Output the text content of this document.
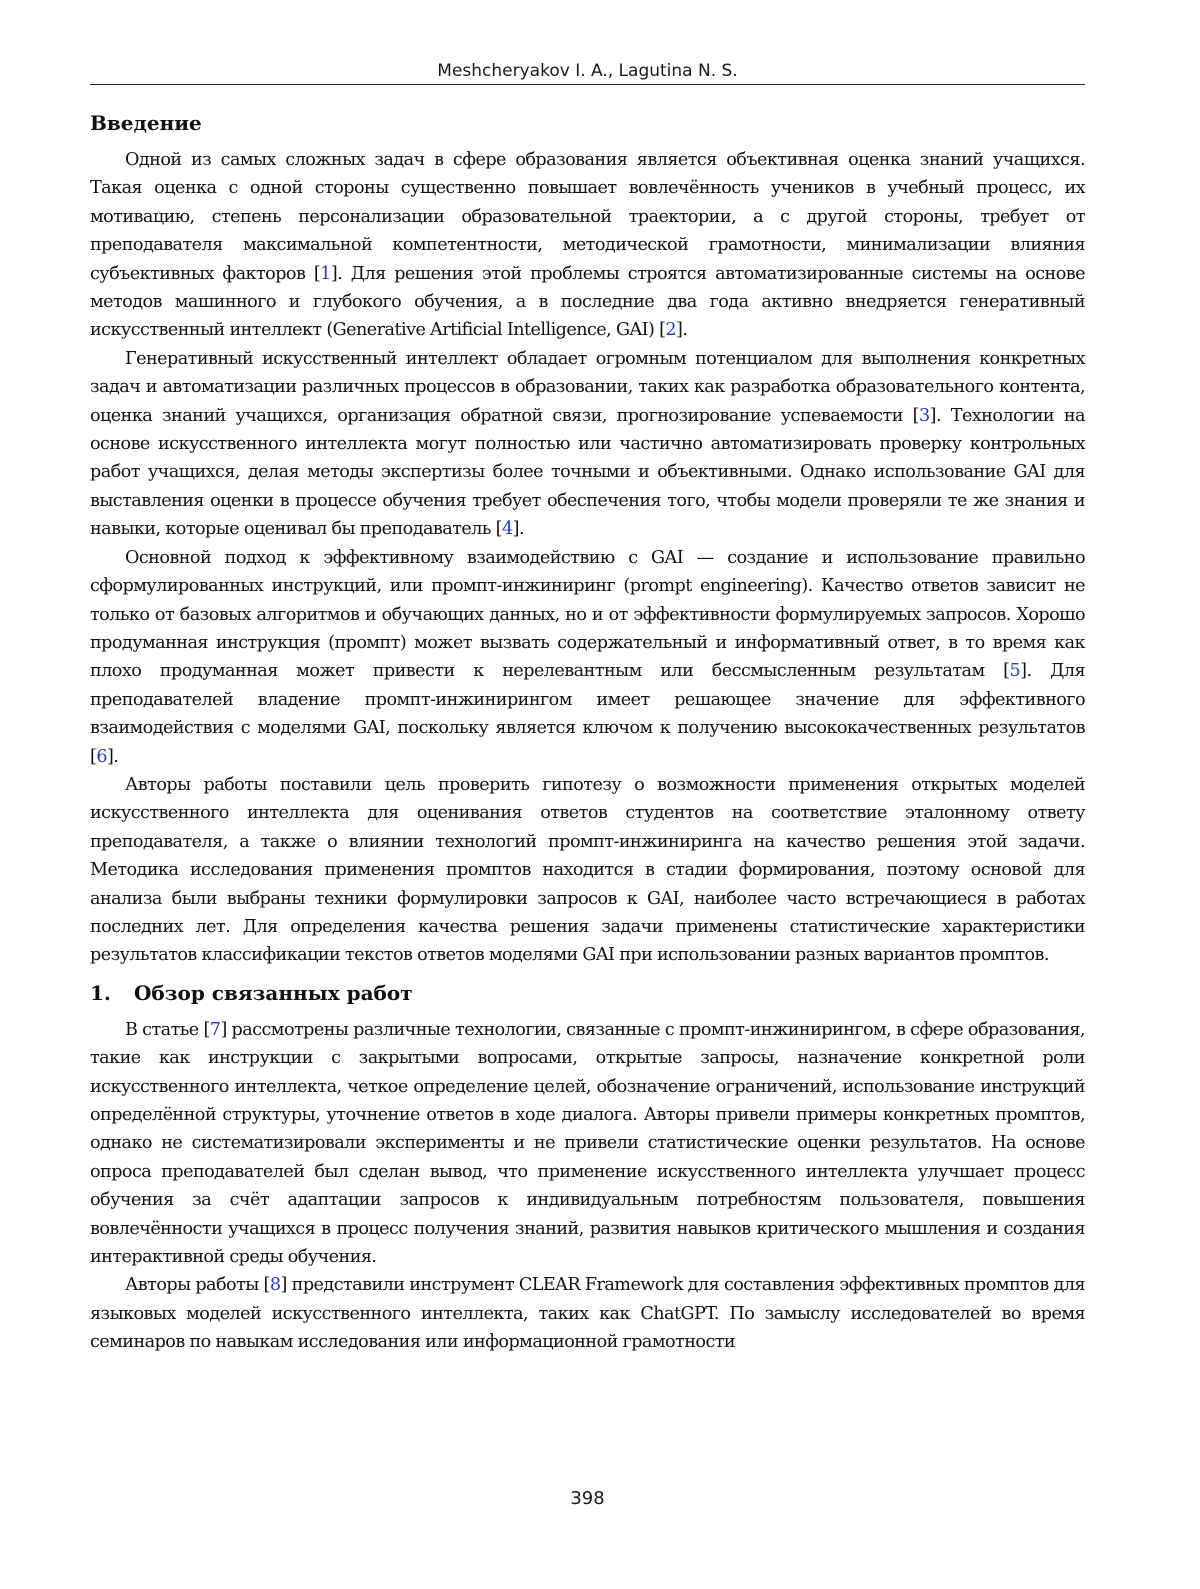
Meshcheryakov I. A., Lagutina N. S.
Введение

Одной из самых сложных задач в сфере образования является объективная оценка знаний учащихся. Такая оценка с одной стороны существенно повышает вовлечённость учеников в учебный процесс, их мотивацию, степень персонализации образовательной траектории, а с другой стороны, требует от преподавателя максимальной компетентности, методической грамотности, минимализации влияния субъективных факторов [1]. Для решения этой проблемы строятся автоматизированные системы на основе методов машинного и глубокого обучения, а в последние два года активно внедряется генеративный искусственный интеллект (Generative Artificial Intelligence, GAI) [2].

Генеративный искусственный интеллект обладает огромным потенциалом для выполнения конкретных задач и автоматизации различных процессов в образовании, таких как разработка образовательного контента, оценка знаний учащихся, организация обратной связи, прогнозирование успеваемости [3]. Технологии на основе искусственного интеллекта могут полностью или частично автоматизировать проверку контрольных работ учащихся, делая методы экспертизы более точными и объективными. Однако использование GAI для выставления оценки в процессе обучения требует обеспечения того, чтобы модели проверяли те же знания и навыки, которые оценивал бы преподаватель [4].

Основной подход к эффективному взаимодействию с GAI — создание и использование правильно сформулированных инструкций, или промпт-инжиниринг (prompt engineering). Качество ответов зависит не только от базовых алгоритмов и обучающих данных, но и от эффективности формулируемых запросов. Хорошо продуманная инструкция (промпт) может вызвать содержательный и информативный ответ, в то время как плохо продуманная может привести к нерелевантным или бессмысленным результатам [5]. Для преподавателей владение промпт-инжинирингом имеет решающее значение для эффективного взаимодействия с моделями GAI, поскольку является ключом к получению высококачественных результатов [6].

Авторы работы поставили цель проверить гипотезу о возможности применения открытых моделей искусственного интеллекта для оценивания ответов студентов на соответствие эталонному ответу преподавателя, а также о влиянии технологий промпт-инжиниринга на качество решения этой задачи. Методика исследования применения промптов находится в стадии формирования, поэтому основой для анализа были выбраны техники формулировки запросов к GAI, наиболее часто встречающиеся в работах последних лет. Для определения качества решения задачи применены статистические характеристики результатов классификации текстов ответов моделями GAI при использовании разных вариантов промптов.

1. Обзор связанных работ

В статье [7] рассмотрены различные технологии, связанные с промпт-инжинирингом, в сфере образования, такие как инструкции с закрытыми вопросами, открытые запросы, назначение конкретной роли искусственного интеллекта, четкое определение целей, обозначение ограничений, использование инструкций определённой структуры, уточнение ответов в ходе диалога. Авторы привели примеры конкретных промптов, однако не систематизировали эксперименты и не привели статистические оценки результатов. На основе опроса преподавателей был сделан вывод, что применение искусственного интеллекта улучшает процесс обучения за счёт адаптации запросов к индивидуальным потребностям пользователя, повышения вовлечённости учащихся в процесс получения знаний, развития навыков критического мышления и создания интерактивной среды обучения.

Авторы работы [8] представили инструмент CLEAR Framework для составления эффективных промптов для языковых моделей искусственного интеллекта, таких как ChatGPT. По замыслу исследователей во время семинаров по навыкам исследования или информационной грамотности

398
